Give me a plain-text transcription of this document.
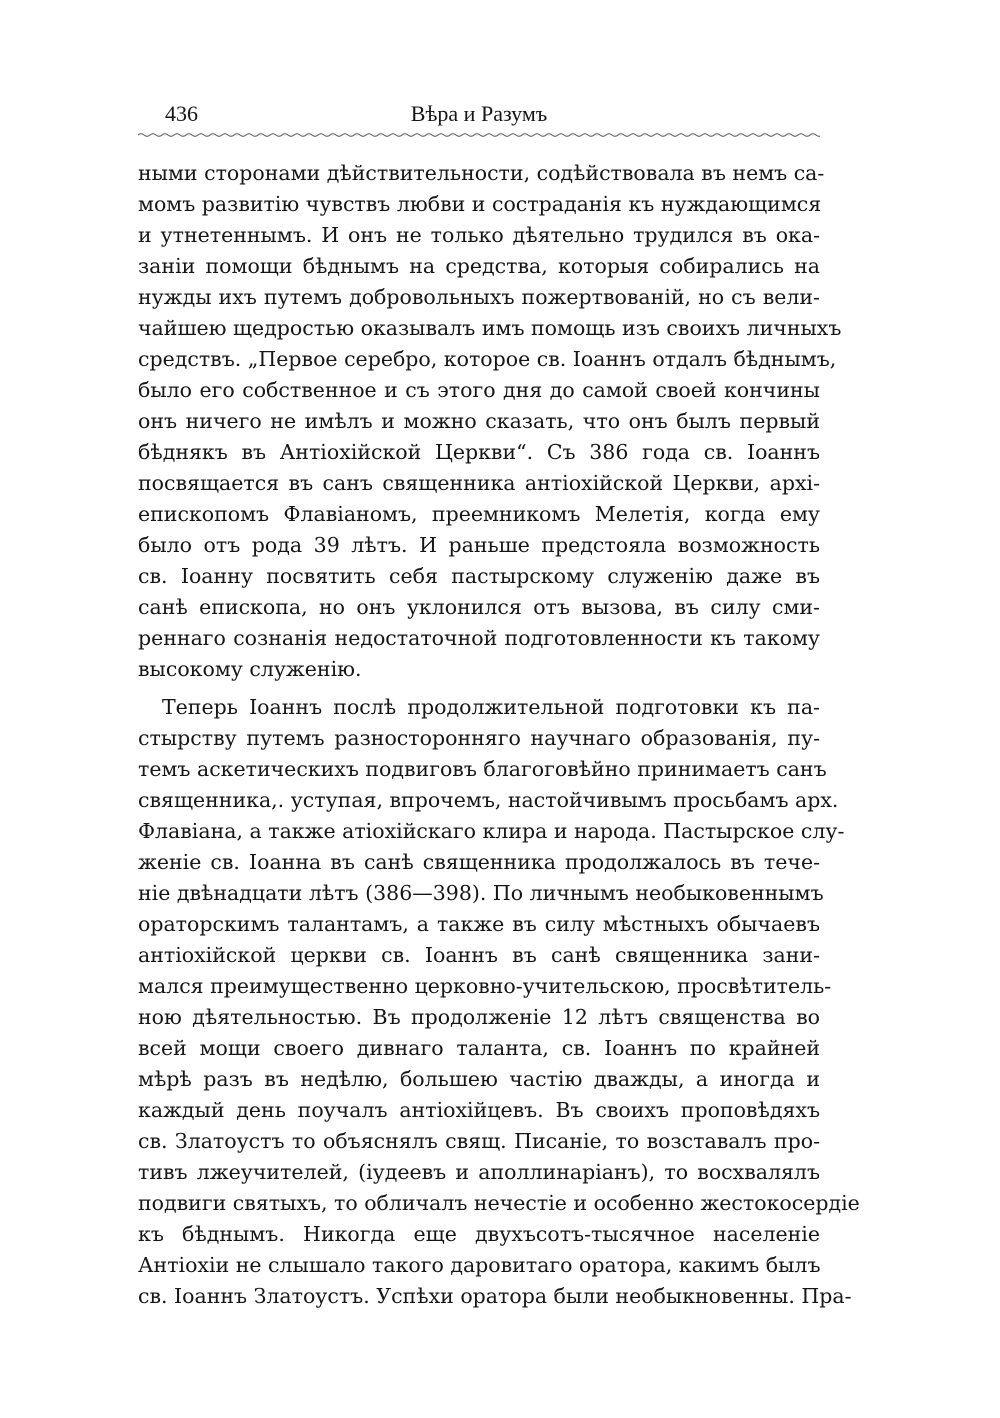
436	Вѣра и Разумъ
ными сторонами дѣйствительности, содѣйствовала въ немъ са-
момъ развитію чувствъ любви и состраданія къ нуждающимся
и утнетеннымъ. И онъ не только дѣятельно трудился въ ока-
заніи помощи бѣднымъ на средства, которыя собирались на
нужды ихъ путемъ добровольныхъ пожертвованій, но съ вели-
чайшею щедростью оказывалъ имъ помощь изъ своихъ личныхъ
средствъ. „Первое серебро, которое св. Іоаннъ отдалъ бѣднымъ,
было его собственное и съ этого дня до самой своей кончины
онъ ничего не имѣлъ и можно сказать, что онъ былъ первый
бѣднякъ въ Антіохійской Церкви“. Съ 386 года св. Іоаннъ
посвящается въ санъ священника антіохійской Церкви, архі-
епископомъ Флавіаномъ, преемникомъ Мелетія, когда ему
было отъ рода 39 лѣтъ. И раньше предстояла возможность
св. Іоанну посвятить себя пастырскому служенію даже въ
санѣ епископа, но онъ уклонился отъ вызова, въ силу сми-
реннаго сознанія недостаточной подготовленности къ такому
высокому служенію.
Теперь Іоаннъ послѣ продолжительной подготовки къ па-
стырству путемъ разносторонняго научнаго образованія, пу-
темъ аскетическихъ подвиговъ благоговѣйно принимаетъ санъ
священника,. уступая, впрочемъ, настойчивымъ просьбамъ арх.
Флавіана, а также атіохійскаго клира и народа. Пастырское слу-
женіе св. Іоанна въ санѣ священника продолжалось въ тече-
ніе двѣнадцати лѣтъ (386—398). По личнымъ необыковеннымъ
ораторскимъ талантамъ, а также въ силу мѣстныхъ обычаевъ
антіохійской церкви св. Іоаннъ въ санѣ священника зани-
мался преимущественно церковно-учительскою, просвѣтитель-
ною дѣятельностью. Въ продолженіе 12 лѣтъ священства во
всей мощи своего дивнаго таланта, св. Іоаннъ по крайней
мѣрѣ разъ въ недѣлю, большею частію дважды, а иногда и
каждый день поучалъ антіохійцевъ. Въ своихъ проповѣдяхъ
св. Златоустъ то объяснялъ свящ. Писаніе, то возставалъ про-
тивъ лжеучителей, (іудеевъ и аполлинаріанъ), то восхвалялъ
подвиги святыхъ, то обличалъ нечестіе и особенно жестокосердіе
къ бѣднымъ. Никогда еще двухъсотъ-тысячное населеніе
Антіохіи не слышало такого даровитаго оратора, какимъ былъ
св. Іоаннъ Златоустъ. Успѣхи оратора были необыкновенны. Пра-
